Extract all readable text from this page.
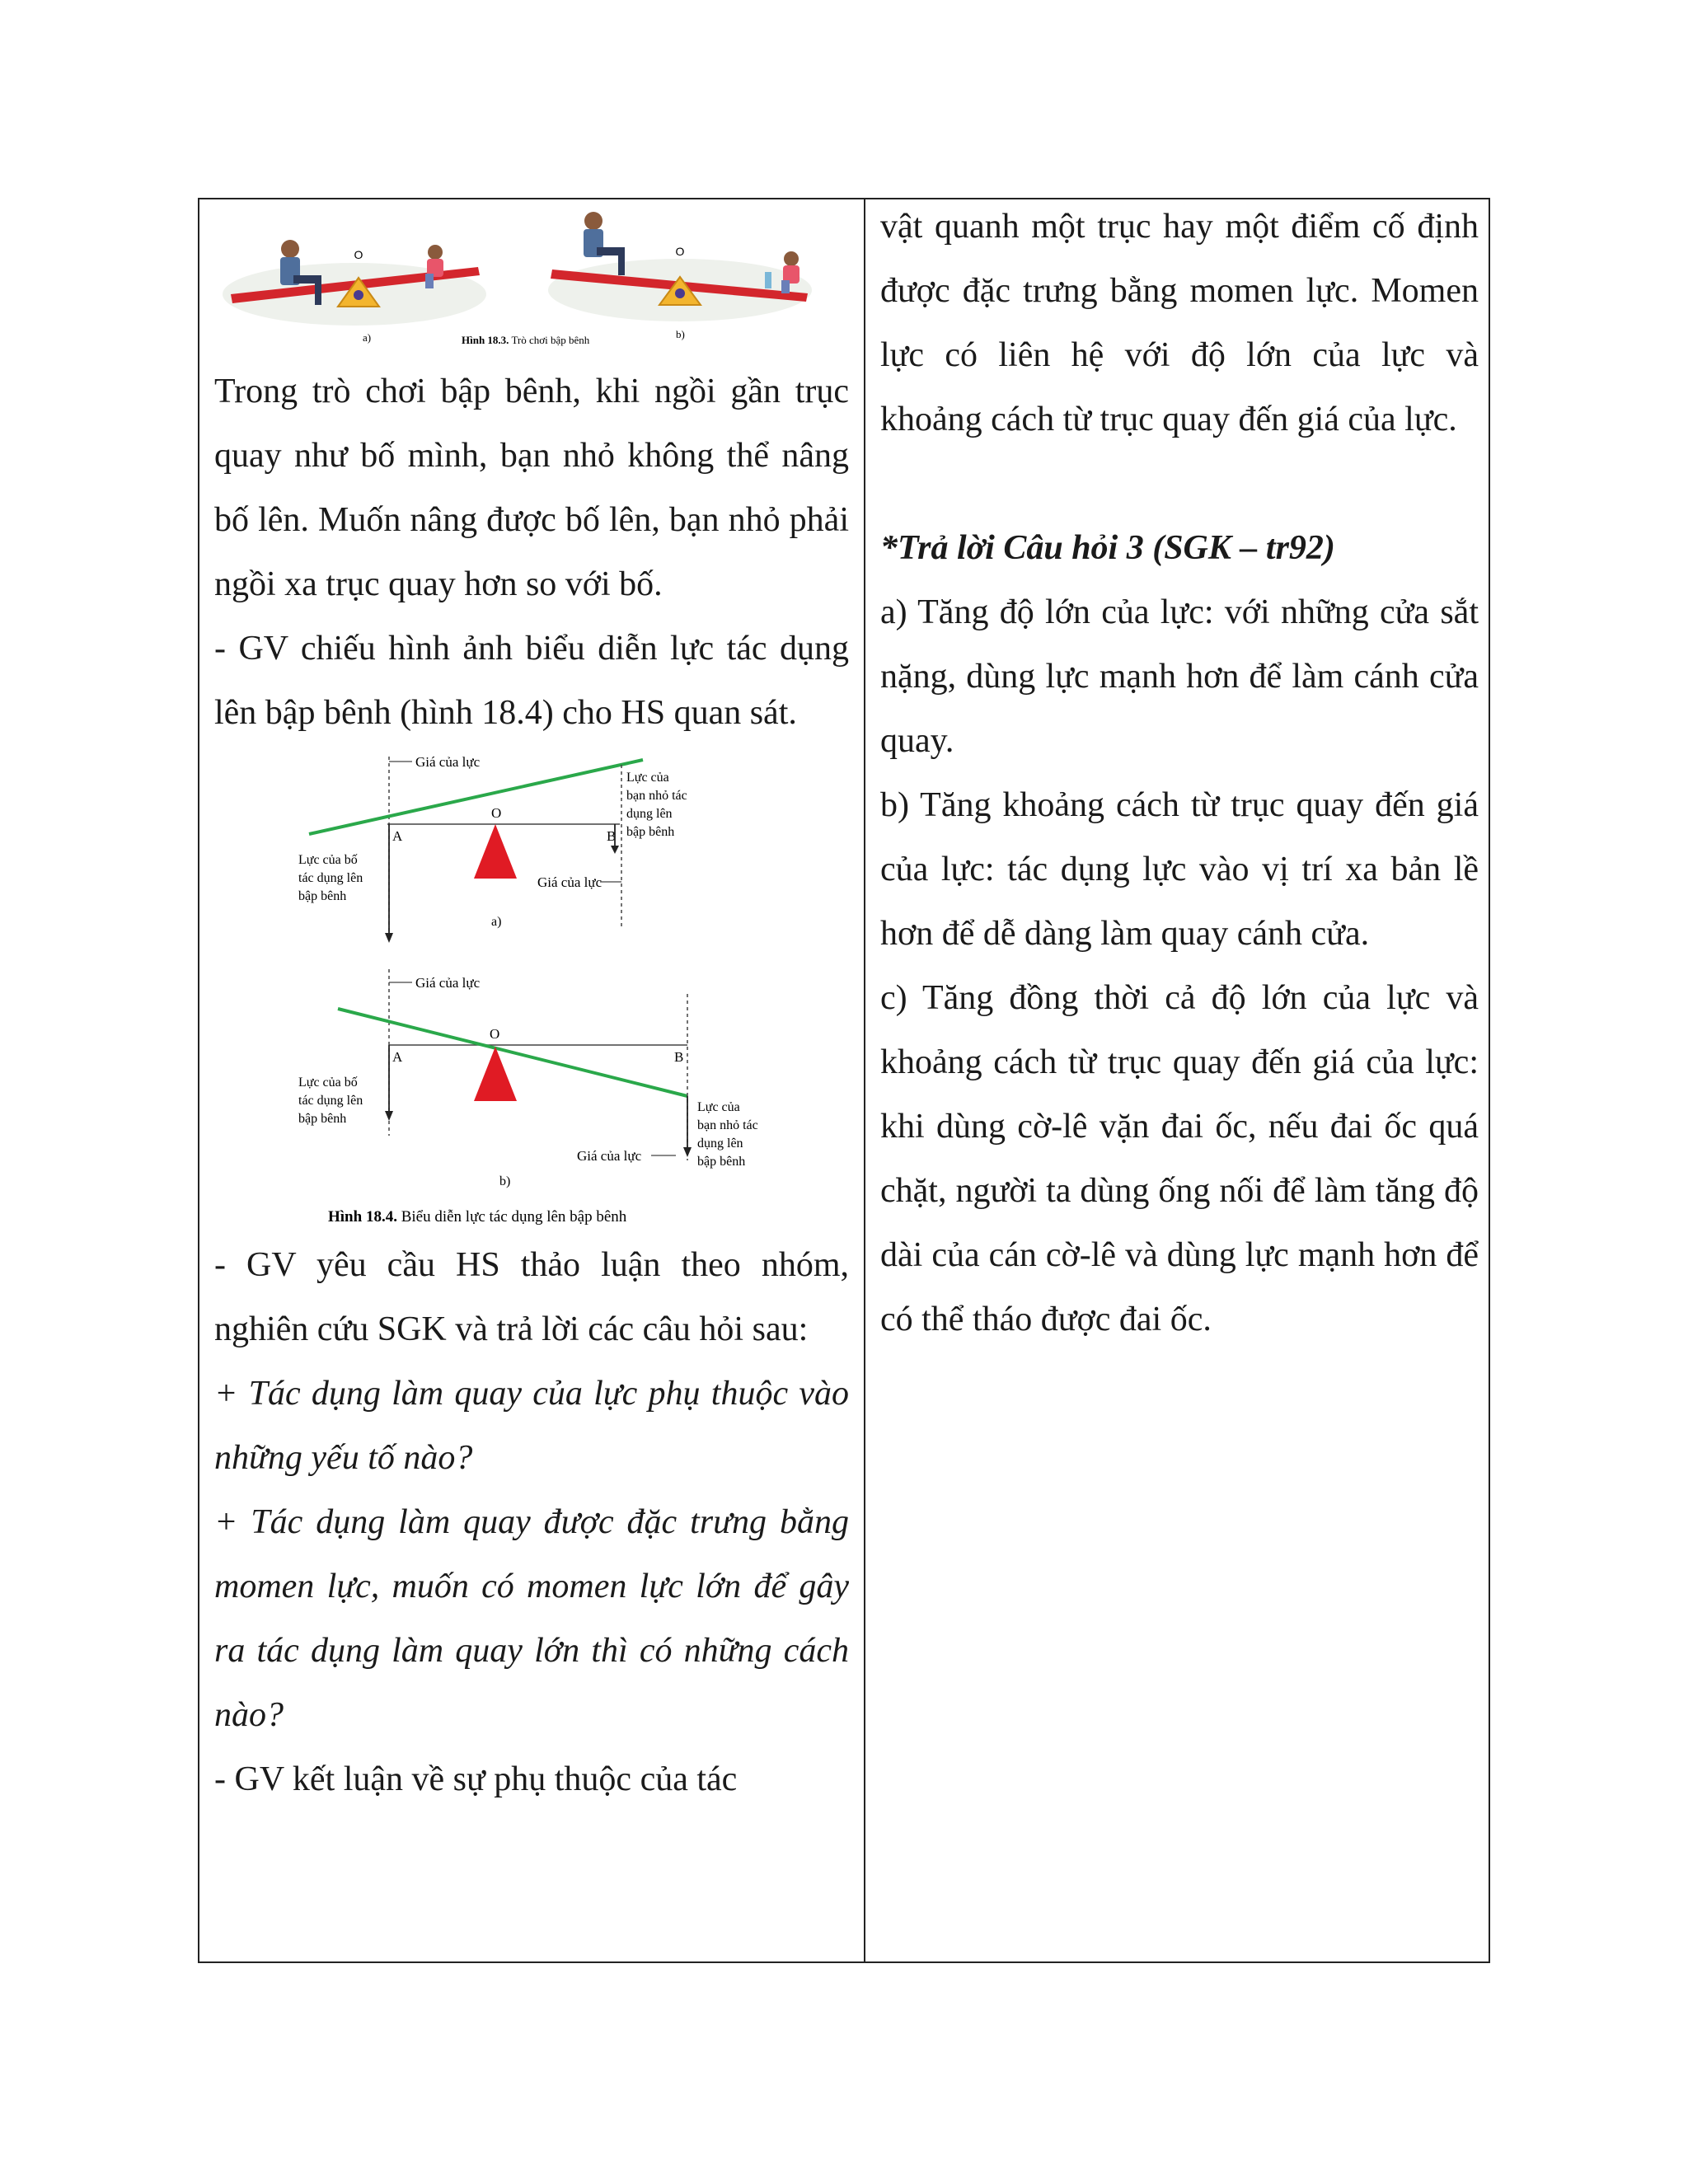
O	O
a)	b)
Hình 18.3. Trò chơi bập bênh

Trong trò chơi bập bênh, khi ngồi gần trục quay như bố mình, bạn nhỏ không thể nâng bố lên. Muốn nâng được bố lên, bạn nhỏ phải ngồi xa trục quay hơn so với bố.

- GV chiếu hình ảnh biểu diễn lực tác dụng lên bập bênh (hình 18.4) cho HS quan sát.

Giá của lực
O
A	B
Lực của
bạn nhỏ tác
dụng lên
bập bênh
Lực của bố
tác dụng lên
bập bênh
Giá của lực
a)
Giá của lực
O
A	B
Lực của bố
tác dụng lên
bập bênh
Lực của
bạn nhỏ tác
dụng lên
bập bênh
Giá của lực
b)
Hình 18.4. Biểu diễn lực tác dụng lên bập bênh

- GV yêu cầu HS thảo luận theo nhóm, nghiên cứu SGK và trả lời các câu hỏi sau:

+ Tác dụng làm quay của lực phụ thuộc vào những yếu tố nào?

+ Tác dụng làm quay được đặc trưng bằng momen lực, muốn có momen lực lớn để gây ra tác dụng làm quay lớn thì có những cách nào?

- GV kết luận về sự phụ thuộc của tác

vật quanh một trục hay một điểm cố định được đặc trưng bằng momen lực. Momen lực có liên hệ với độ lớn của lực và khoảng cách từ trục quay đến giá của lực.

*Trả lời Câu hỏi 3 (SGK – tr92)

a) Tăng độ lớn của lực: với những cửa sắt nặng, dùng lực mạnh hơn để làm cánh cửa quay.

b) Tăng khoảng cách từ trục quay đến giá của lực: tác dụng lực vào vị trí xa bản lề hơn để dễ dàng làm quay cánh cửa.

c) Tăng đồng thời cả độ lớn của lực và khoảng cách từ trục quay đến giá của lực: khi dùng cờ-lê vặn đai ốc, nếu đai ốc quá chặt, người ta dùng ống nối để làm tăng độ dài của cán cờ-lê và dùng lực mạnh hơn để có thể tháo được đai ốc.
